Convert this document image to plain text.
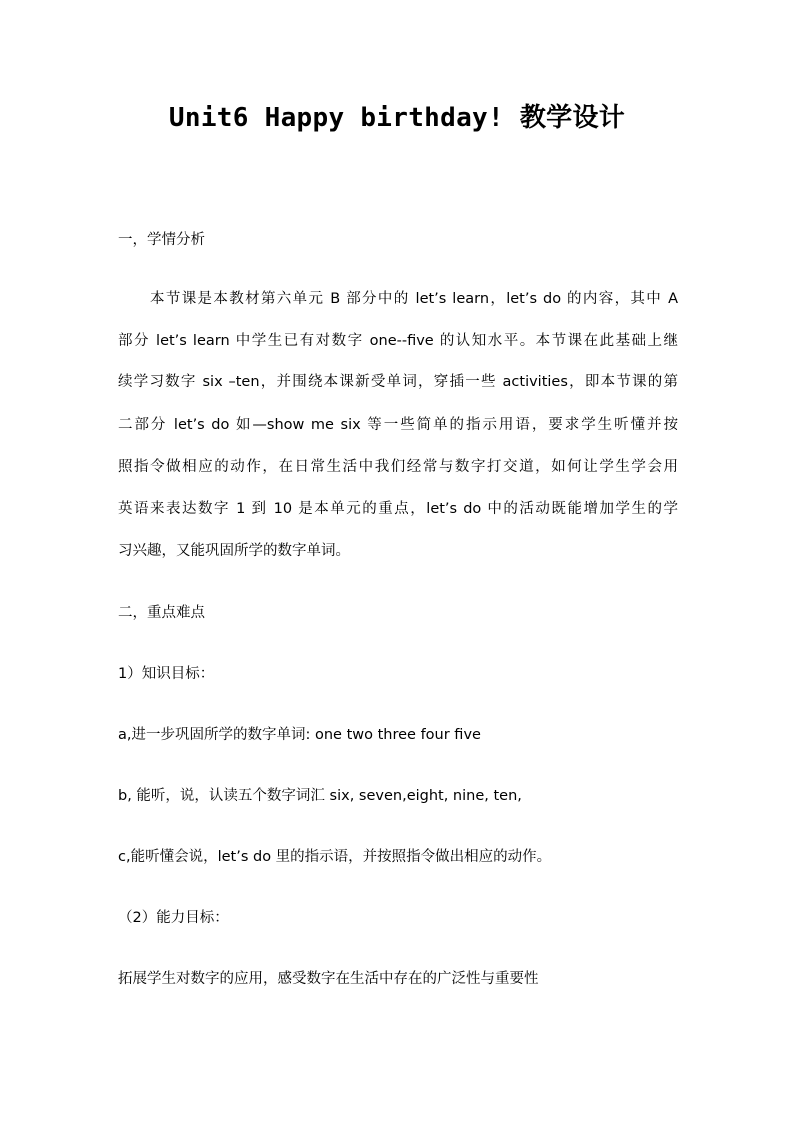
Unit6 Happy birthday! 教学设计
一，学情分析
本节课是本教材第六单元 B 部分中的 let’s learn，let’s do 的内容，其中 A
部分 let’s learn 中学生已有对数字 one--five 的认知水平。本节课在此基础上继
续学习数字 six –ten，并围绕本课新受单词，穿插一些 activities，即本节课的第
二部分 let’s do 如—show me six 等一些简单的指示用语，要求学生听懂并按
照指令做相应的动作，在日常生活中我们经常与数字打交道，如何让学生学会用
英语来表达数字 1 到 10 是本单元的重点，let’s do 中的活动既能增加学生的学
习兴趣，又能巩固所学的数字单词。
二，重点难点
1）知识目标：
a,进一步巩固所学的数字单词: one two three four five
b, 能听，说，认读五个数字词汇 six, seven,eight, nine, ten,
c,能听懂会说，let’s do 里的指示语，并按照指令做出相应的动作。
（2）能力目标：
拓展学生对数字的应用，感受数字在生活中存在的广泛性与重要性
